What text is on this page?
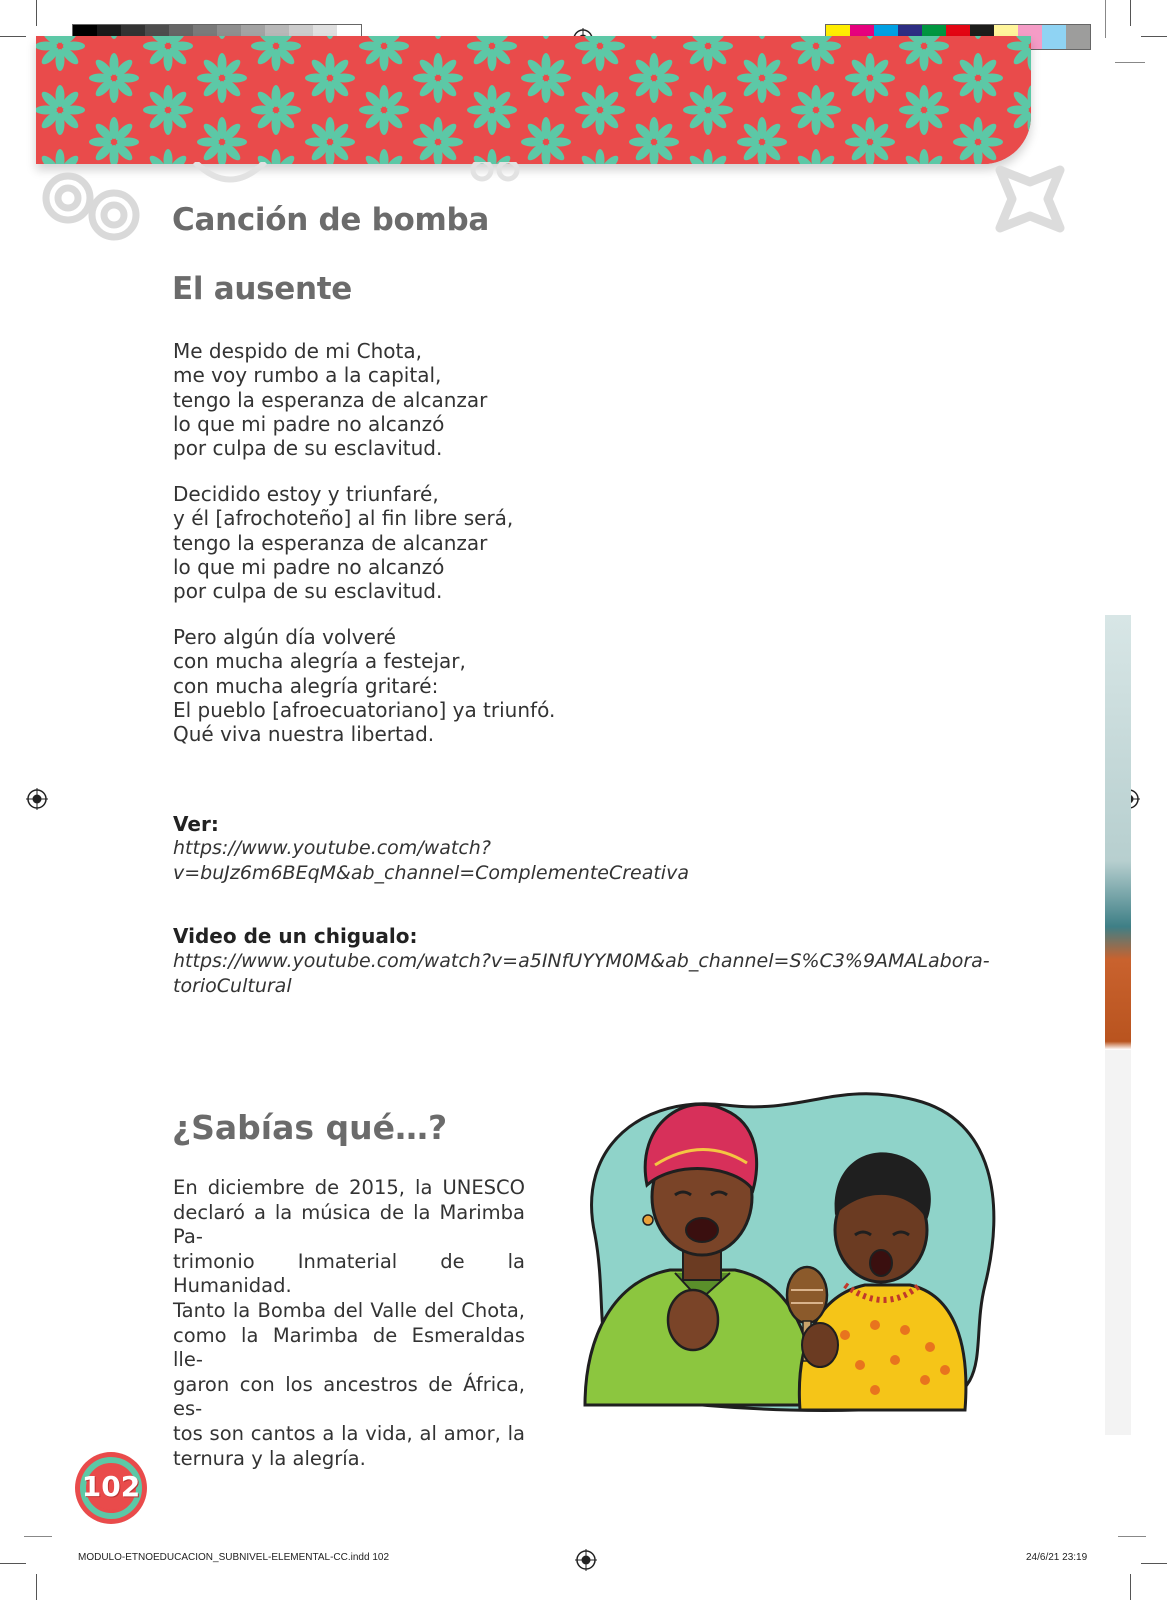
Canción de bomba
El ausente
Me despido de mi Chota,
me voy rumbo a la capital,
tengo la esperanza de alcanzar
lo que mi padre no alcanzó
por culpa de su esclavitud.
Decidido estoy y triunfaré,
y él [afrochoteño] al fin libre será,
tengo la esperanza de alcanzar
lo que mi padre no alcanzó
por culpa de su esclavitud.
Pero algún día volveré
con mucha alegría a festejar,
con mucha alegría gritaré:
El pueblo [afroecuatoriano] ya triunfó.
Qué viva nuestra libertad.
Ver:
https://www.youtube.com/watch?v=buJz6m6BEqM&ab_channel=ComplementeCreativa
Video de un chigualo:
https://www.youtube.com/watch?v=a5INfUYYM0M&ab_channel=S%C3%9AMALabora-
torioCultural
¿Sabías qué…?
En diciembre de 2015, la UNESCO
declaró a la música de la Marimba Pa-
trimonio Inmaterial de la Humanidad.
Tanto la Bomba del Valle del Chota,
como la Marimba de Esmeraldas lle-
garon con los ancestros de África, es-
tos son cantos a la vida, al amor, la
ternura y la alegría.
102
MODULO-ETNOEDUCACION_SUBNIVEL-ELEMENTAL-CC.indd 102	24/6/21 23:19
